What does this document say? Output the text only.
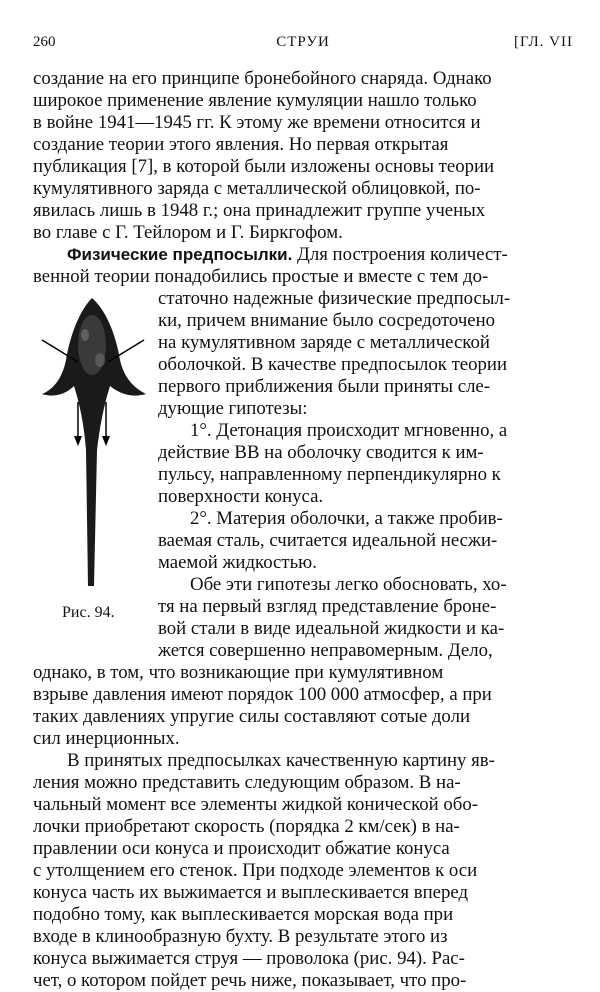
260	СТРУИ	[ГЛ. VII
создание на его принципе бронебойного снаряда. Однако
широкое применение явление кумуляции нашло только
в войне 1941—1945 гг. К этому же времени относится и
создание теории этого явления. Но первая открытая
публикация [7], в которой были изложены основы теории
кумулятивного заряда с металлической облицовкой, по-
явилась лишь в 1948 г.; она принадлежит группе ученых
во главе с Г. Тейлором и Г. Биркгофом.
Физические предпосылки. Для построения количест-
венной теории понадобились простые и вместе с тем до-
Рис. 94.
статочно надежные физические предпосыл-
ки, причем внимание было сосредоточено
на кумулятивном заряде с металлической
оболочкой. В качестве предпосылок теории
первого приближения были приняты сле-
дующие гипотезы:
1°. Детонация происходит мгновенно, а
действие ВВ на оболочку сводится к им-
пульсу, направленному перпендикулярно к
поверхности конуса.
2°. Материя оболочки, а также пробив-
ваемая сталь, считается идеальной несжи-
маемой жидкостью.
Обе эти гипотезы легко обосновать, хо-
тя на первый взгляд представление броне-
вой стали в виде идеальной жидкости и ка-
жется совершенно неправомерным. Дело,
однако, в том, что возникающие при кумулятивном
взрыве давления имеют порядок 100 000 атмосфер, а при
таких давлениях упругие силы составляют сотые доли
сил инерционных.
В принятых предпосылках качественную картину яв-
ления можно представить следующим образом. В на-
чальный момент все элементы жидкой конической обо-
лочки приобретают скорость (порядка 2 км/сек) в на-
правлении оси конуса и происходит обжатие конуса
с утолщением его стенок. При подходе элементов к оси
конуса часть их выжимается и выплескивается вперед
подобно тому, как выплескивается морская вода при
входе в клинообразную бухту. В результате этого из
конуса выжимается струя — проволока (рис. 94). Рас-
чет, о котором пойдет речь ниже, показывает, что про-
